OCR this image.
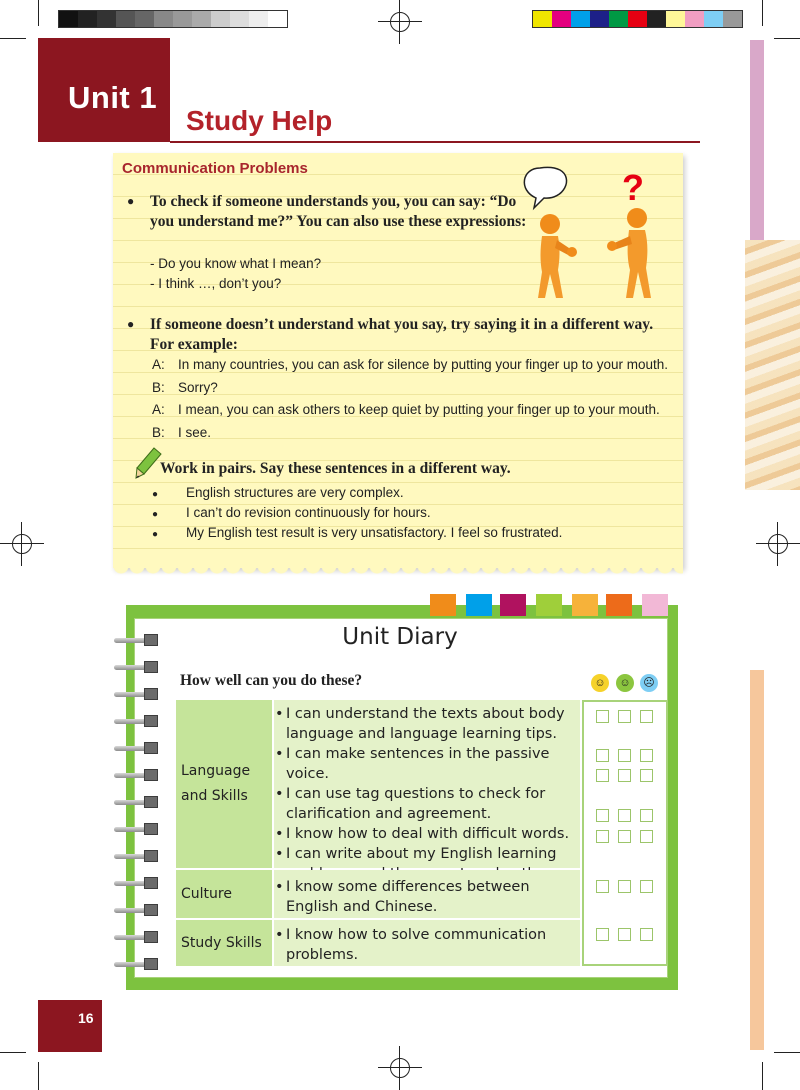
Unit 1
Study Help
Communication Problems
● To check if someone understands you, you can say: “Do you understand me?” You can also use these expressions:
- Do you know what I mean?
- I think …, don’t you?
● If someone doesn’t understand what you say, try saying it in a different way. For example:
A: In many countries, you can ask for silence by putting your finger up to your mouth.
B: Sorry?
A: I mean, you can ask others to keep quiet by putting your finger up to your mouth.
B: I see.
Work in pairs. Say these sentences in a different way.
● English structures are very complex.
● I can’t do revision continuously for hours.
● My English test result is very unsatisfactory. I feel so frustrated.
?
Unit Diary
How well can you do these?	☺	☺	☹
Language and Skills
• I can understand the texts about body language and language learning tips.
• I can make sentences in the passive voice.
• I can use tag questions to check for clarification and agreement.
• I know how to deal with difficult words.
• I can write about my English learning
Culture	• I know some differences between English and Chinese.
Study Skills	• I know how to solve communication problems.
16
